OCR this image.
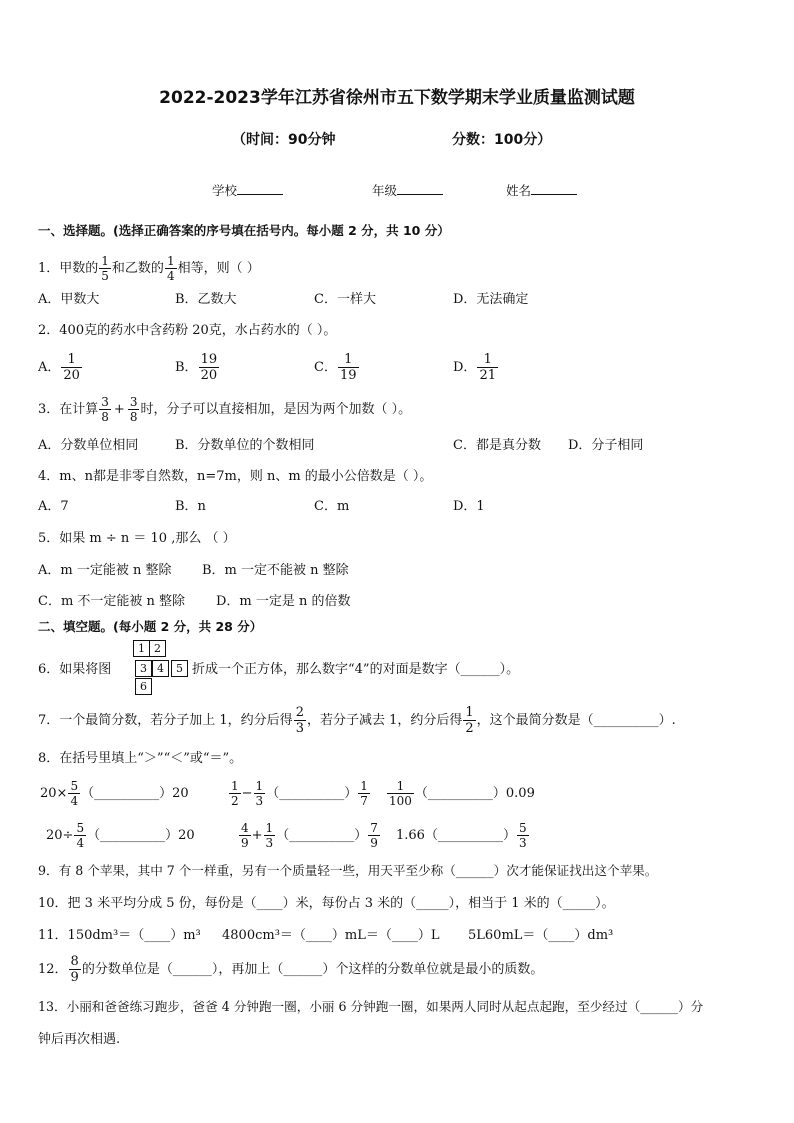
2022-2023学年江苏省徐州市五下数学期末学业质量监测试题
（时间：90分钟	分数：100分）
学校	年级	姓名
一、选择题。(选择正确答案的序号填在括号内。每小题 2 分，共 10 分）
1．甲数的 $\frac{1}{5}$ 和乙数的 $\frac{1}{4}$ 相等，则（ ）
A．甲数大	B．乙数大	C．一样大	D．无法确定
2．400克的药水中含药粉 20克，水占药水的（ ）。
A． $\frac{1}{20}$	B． $\frac{19}{20}$	C． $\frac{1}{19}$	D． $\frac{1}{21}$
3．在计算 $\frac{3}{8} + \frac{3}{8}$ 时，分子可以直接相加，是因为两个加数（ ）。
A．分数单位相同	B．分数单位的个数相同	C．都是真分数 D．分子相同
4．m、n都是非零自然数，n=7m，则 n、m 的最小公倍数是（ ）。
A．7	B．n	C．m	D．1
5．如果 m ÷ n ＝ 10 ,那么 （ ）
A．m 一定能被 n 整除 B．m 一定不能被 n 整除
C．m 不一定能被 n 整除 D．m 一定是 n 的倍数
二、填空题。(每小题 2 分，共 28 分）
6．如果将图
1 2
3 4	5
6
折成一个正方体，那么数字“4”的对面是数字（______）。
7．一个最简分数，若分子加上 1，约分后得 $\frac{2}{3}$ ，若分子减去 1，约分后得 $\frac{1}{2}$ ，这个最简分数是（__________）.
8．在括号里填上“＞”“＜”或“＝”。
$20\times \frac{5}{4}$ （__________）20	$\frac{1}{2} - \frac{1}{3}$ （__________） $\frac{1}{7} \frac{1}{100}$ （__________）0.09
$20\div \frac{5}{4}$ （__________）20	$\frac{4}{9} + \frac{1}{3}$ （__________） $\frac{7}{9}$ 1.66（__________） $\frac{5}{3}$
9．有 8 个苹果，其中 7 个一样重，另有一个质量轻一些，用天平至少称（______）次才能保证找出这个苹果。
10．把 3 米平均分成 5 份，每份是（____）米，每份占 3 米的（_____），相当于 1 米的（_____）。
11．150dm³＝（____）m³ 4800cm³＝（____）mL＝（____）L 5L60mL＝（____）dm³
12． $\frac{8}{9}$ 的分数单位是（______），再加上（______）个这样的分数单位就是最小的质数。
13．小丽和爸爸练习跑步，爸爸 4 分钟跑一圈，小丽 6 分钟跑一圈，如果两人同时从起点起跑，至少经过（______）分
钟后再次相遇.
